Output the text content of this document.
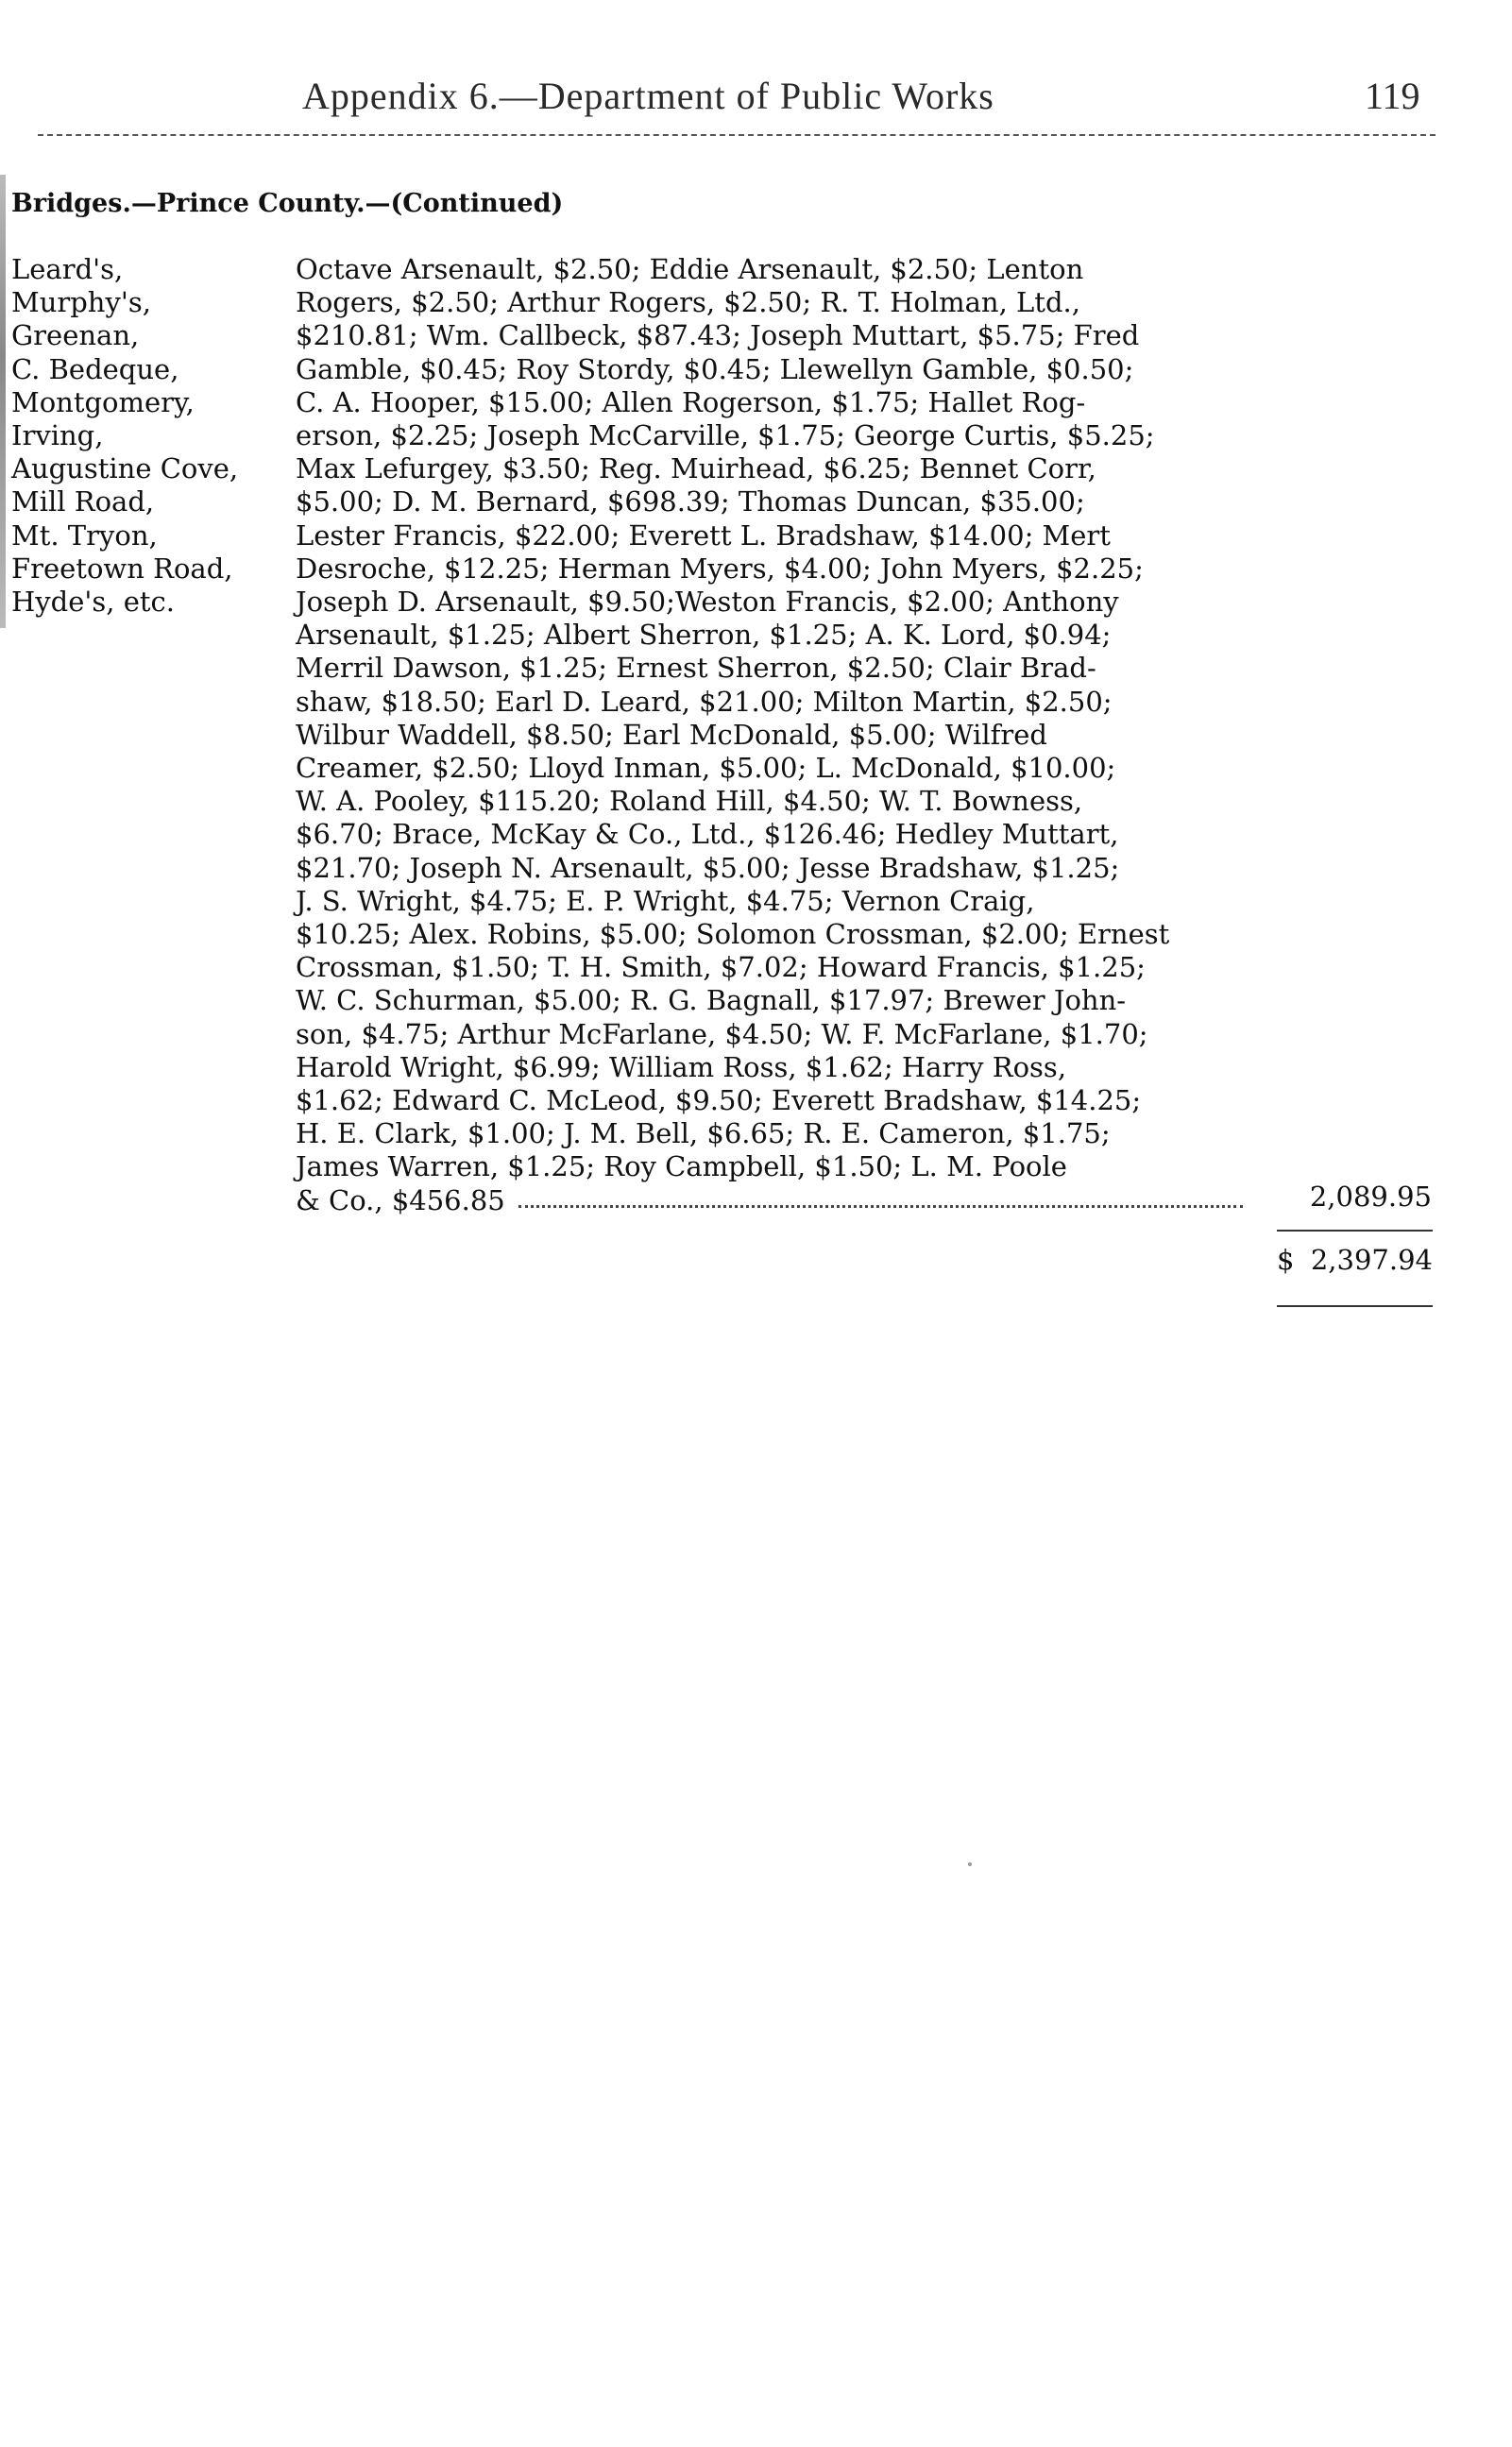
Appendix 6.—Department of Public Works	119
Bridges.—Prince County.—(Continued)
Leard's,
Murphy's,
Greenan,
C. Bedeque,
Montgomery,
Irving,
Augustine Cove,
Mill Road,
Mt. Tryon,
Freetown Road,
Hyde's, etc.
Octave Arsenault, $2.50; Eddie Arsenault, $2.50; Lenton
Rogers, $2.50; Arthur Rogers, $2.50; R. T. Holman, Ltd.,
$210.81; Wm. Callbeck, $87.43; Joseph Muttart, $5.75; Fred
Gamble, $0.45; Roy Stordy, $0.45; Llewellyn Gamble, $0.50;
C. A. Hooper, $15.00; Allen Rogerson, $1.75; Hallet Rog-
erson, $2.25; Joseph McCarville, $1.75; George Curtis, $5.25;
Max Lefurgey, $3.50; Reg. Muirhead, $6.25; Bennet Corr,
$5.00; D. M. Bernard, $698.39; Thomas Duncan, $35.00;
Lester Francis, $22.00; Everett L. Bradshaw, $14.00; Mert
Desroche, $12.25; Herman Myers, $4.00; John Myers, $2.25;
Joseph D. Arsenault, $9.50;Weston Francis, $2.00; Anthony
Arsenault, $1.25; Albert Sherron, $1.25; A. K. Lord, $0.94;
Merril Dawson, $1.25; Ernest Sherron, $2.50; Clair Brad-
shaw, $18.50; Earl D. Leard, $21.00; Milton Martin, $2.50;
Wilbur Waddell, $8.50; Earl McDonald, $5.00; Wilfred
Creamer, $2.50; Lloyd Inman, $5.00; L. McDonald, $10.00;
W. A. Pooley, $115.20; Roland Hill, $4.50; W. T. Bowness,
$6.70; Brace, McKay & Co., Ltd., $126.46; Hedley Muttart,
$21.70; Joseph N. Arsenault, $5.00; Jesse Bradshaw, $1.25;
J. S. Wright, $4.75; E. P. Wright, $4.75; Vernon Craig,
$10.25; Alex. Robins, $5.00; Solomon Crossman, $2.00; Ernest
Crossman, $1.50; T. H. Smith, $7.02; Howard Francis, $1.25;
W. C. Schurman, $5.00; R. G. Bagnall, $17.97; Brewer John-
son, $4.75; Arthur McFarlane, $4.50; W. F. McFarlane, $1.70;
Harold Wright, $6.99; William Ross, $1.62; Harry Ross,
$1.62; Edward C. McLeod, $9.50; Everett Bradshaw, $14.25;
H. E. Clark, $1.00; J. M. Bell, $6.65; R. E. Cameron, $1.75;
James Warren, $1.25; Roy Campbell, $1.50; L. M. Poole
& Co., $456.85	2,089.95
$ 2,397.94
